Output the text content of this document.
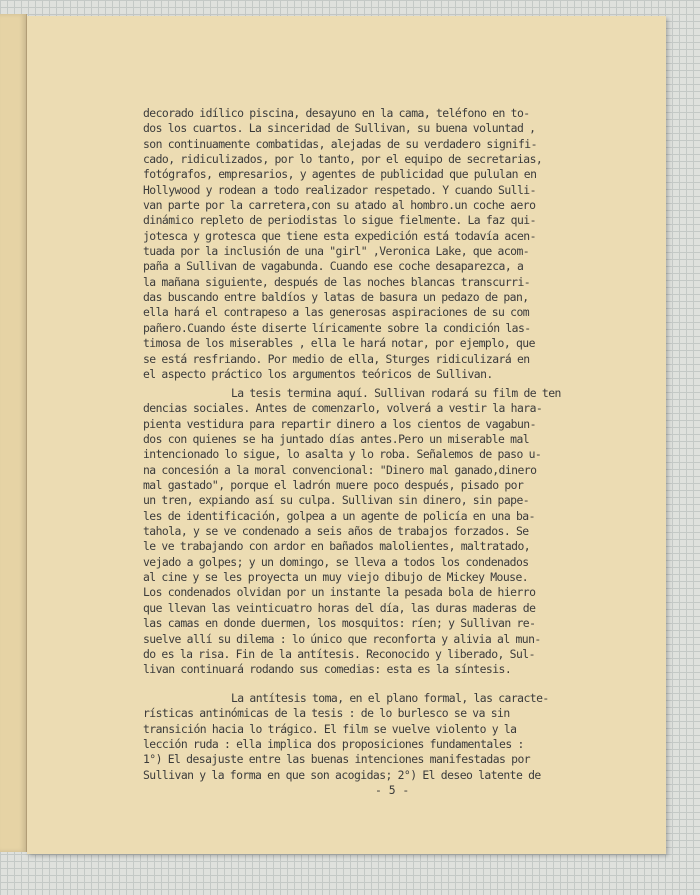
decorado idílico piscina, desayuno en la cama, teléfono en to-
dos los cuartos. La sinceridad de Sullivan, su buena voluntad ,
son continuamente combatidas, alejadas de su verdadero signifi-
cado, ridiculizados, por lo tanto, por el equipo de secretarias,
fotógrafos, empresarios, y agentes de publicidad que pululan en
Hollywood y rodean a todo realizador respetado. Y cuando Sulli-
van parte por la carretera,con su atado al hombro.un coche aero
dinámico repleto de periodistas lo sigue fielmente. La faz qui-
jotesca y grotesca que tiene esta expedición está todavía acen-
tuada por la inclusión de una "girl" ,Veronica Lake, que acom-
paña a Sullivan de vagabunda. Cuando ese coche desaparezca, a
la mañana siguiente, después de las noches blancas transcurri-
das buscando entre baldíos y latas de basura un pedazo de pan,
ella hará el contrapeso a las generosas aspiraciones de su com
pañero.Cuando éste diserte líricamente sobre la condición las-
timosa de los miserables , ella le hará notar, por ejemplo, que
se está resfriando. Por medio de ella, Sturges ridiculizará en
el aspecto práctico los argumentos teóricos de Sullivan.
La tesis termina aquí. Sullivan rodará su film de ten
dencias sociales. Antes de comenzarlo, volverá a vestir la hara-
pienta vestidura para repartir dinero a los cientos de vagabun-
dos con quienes se ha juntado días antes.Pero un miserable mal
intencionado lo sigue, lo asalta y lo roba. Señalemos de paso u-
na concesión a la moral convencional: "Dinero mal ganado,dinero
mal gastado", porque el ladrón muere poco después, pisado por
un tren, expiando así su culpa. Sullivan sin dinero, sin pape-
les de identificación, golpea a un agente de policía en una ba-
tahola, y se ve condenado a seis años de trabajos forzados. Se
le ve trabajando con ardor en bañados malolientes, maltratado,
vejado a golpes; y un domingo, se lleva a todos los condenados
al cine y se les proyecta un muy viejo dibujo de Mickey Mouse.
Los condenados olvidan por un instante la pesada bola de hierro
que llevan las veinticuatro horas del día, las duras maderas de
las camas en donde duermen, los mosquitos: ríen; y Sullivan re-
suelve allí su dilema : lo único que reconforta y alivia al mun-
do es la risa. Fin de la antítesis. Reconocido y liberado, Sul-
livan continuará rodando sus comedias: esta es la síntesis.
La antítesis toma, en el plano formal, las caracte-
rísticas antinómicas de la tesis : de lo burlesco se va sin
transición hacia lo trágico. El film se vuelve violento y la
lección ruda : ella implica dos proposiciones fundamentales :
1°) El desajuste entre las buenas intenciones manifestadas por
Sullivan y la forma en que son acogidas; 2°) El deseo latente de
- 5 -
